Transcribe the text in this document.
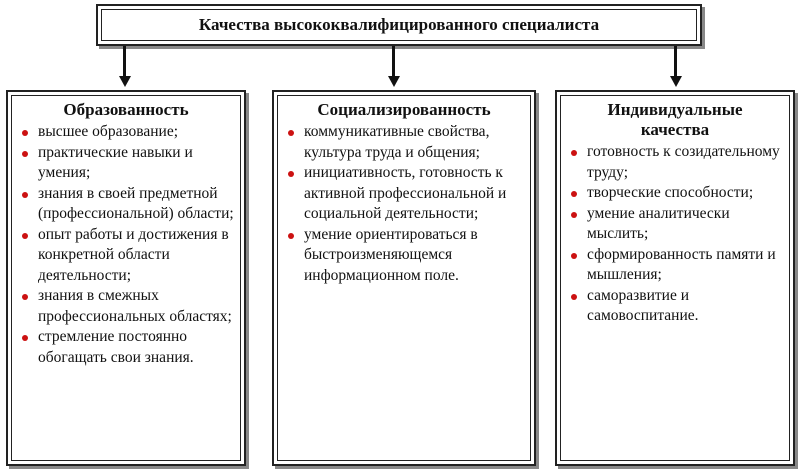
Качества высококвалифицированного специалиста
Образованность
высшее образование;
практические навыки и умения;
знания в своей предметной (профессиональной) области;
опыт работы и достижения в конкретной области деятельности;
знания в смежных профессиональных областях;
стремление постоянно обогащать свои знания.
Социализированность
коммуникативные свойства, культура труда и общения;
инициативность, готовность к активной профессиональной и социальной деятельности;
умение ориентироваться в быстроизменяющемся информационном поле.
Индивидуальные качества
готовность к созидательному труду;
творческие способности;
умение аналитически мыслить;
сформированность памяти и мышления;
саморазвитие и самовоспитание.
